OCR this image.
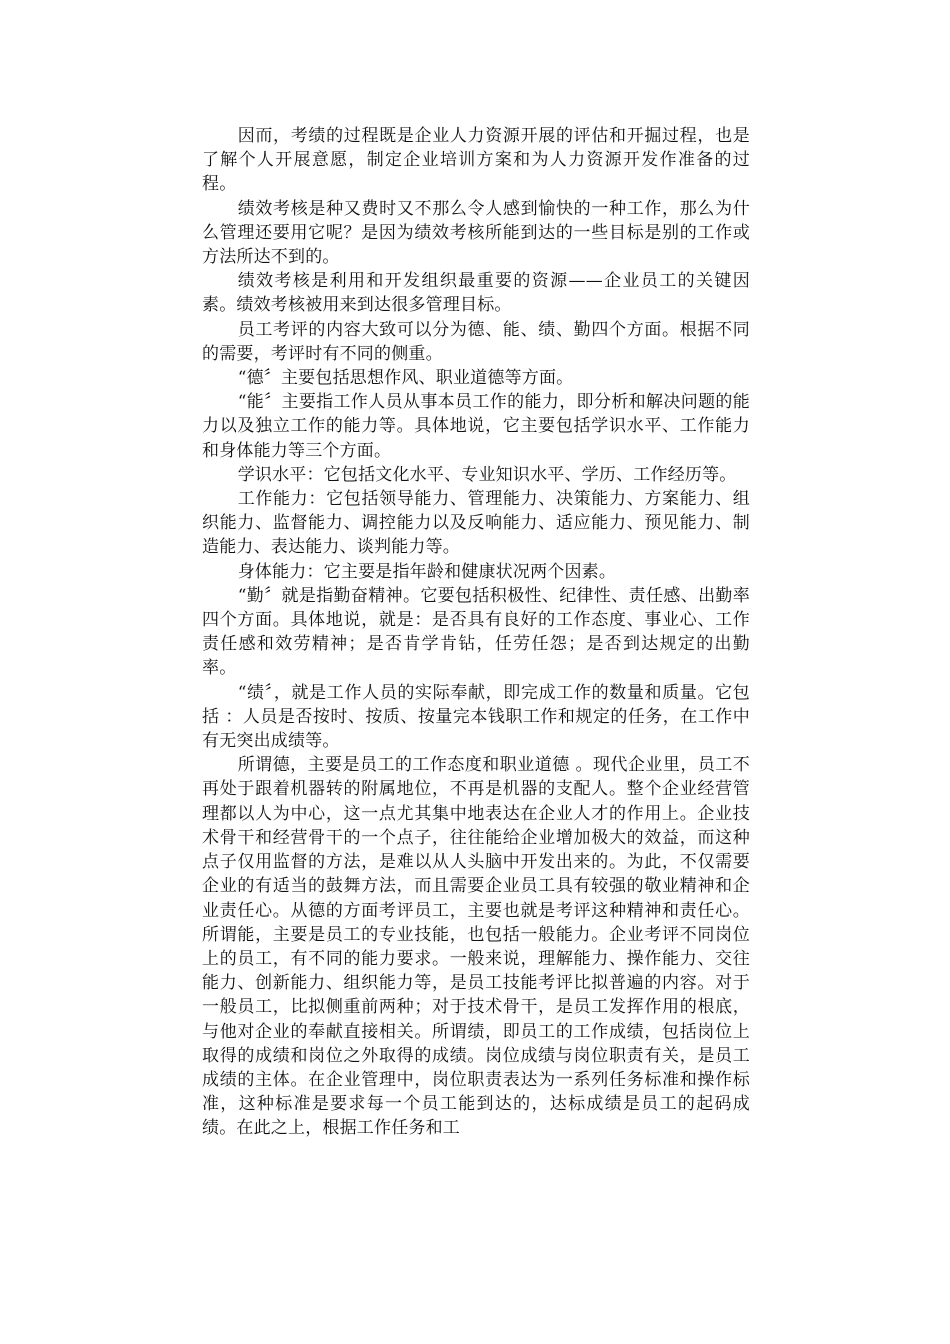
因而，考绩的过程既是企业人力资源开展的评估和开掘过程，也是了解个人开展意愿，制定企业培训方案和为人力资源开发作准备的过程。

绩效考核是种又费时又不那么令人感到愉快的一种工作，那么为什么管理还要用它呢？是因为绩效考核所能到达的一些目标是别的工作或方法所达不到的。

绩效考核是利用和开发组织最重要的资源——企业员工的关键因素。绩效考核被用来到达很多管理目标。

员工考评的内容大致可以分为德、能、绩、勤四个方面。根据不同的需要，考评时有不同的侧重。

“德〞主要包括思想作风、职业道德等方面。

“能〞主要指工作人员从事本员工作的能力，即分析和解决问题的能力以及独立工作的能力等。具体地说，它主要包括学识水平、工作能力和身体能力等三个方面。

学识水平：它包括文化水平、专业知识水平、学历、工作经历等。

工作能力：它包括领导能力、管理能力、决策能力、方案能力、组织能力、监督能力、调控能力以及反响能力、适应能力、预见能力、制造能力、表达能力、谈判能力等。

身体能力：它主要是指年龄和健康状况两个因素。

“勤〞就是指勤奋精神。它要包括积极性、纪律性、责任感、出勤率四个方面。具体地说，就是：是否具有良好的工作态度、事业心、工作责任感和效劳精神；是否肯学肯钻，任劳任怨；是否到达规定的出勤率。

“绩〞，就是工作人员的实际奉献，即完成工作的数量和质量。它包括 ：人员是否按时、按质、按量完本钱职工作和规定的任务，在工作中有无突出成绩等。

所谓德，主要是员工的工作态度和职业道德 。现代企业里，员工不再处于跟着机器转的附属地位，不再是机器的支配人。整个企业经营管理都以人为中心，这一点尤其集中地表达在企业人才的作用上。企业技术骨干和经营骨干的一个点子，往往能给企业增加极大的效益，而这种点子仅用监督的方法，是难以从人头脑中开发出来的。为此，不仅需要企业的有适当的鼓舞方法，而且需要企业员工具有较强的敬业精神和企业责任心。从德的方面考评员工，主要也就是考评这种精神和责任心。所谓能，主要是员工的专业技能，也包括一般能力。企业考评不同岗位上的员工，有不同的能力要求。一般来说，理解能力、操作能力、交往能力、创新能力、组织能力等，是员工技能考评比拟普遍的内容。对于一般员工，比拟侧重前两种；对于技术骨干，是员工发挥作用的根底，与他对企业的奉献直接相关。所谓绩，即员工的工作成绩，包括岗位上取得的成绩和岗位之外取得的成绩。岗位成绩与岗位职责有关，是员工成绩的主体。在企业管理中，岗位职责表达为一系列任务标准和操作标准，这种标准是要求每一个员工能到达的，达标成绩是员工的起码成绩。在此之上，根据工作任务和工
